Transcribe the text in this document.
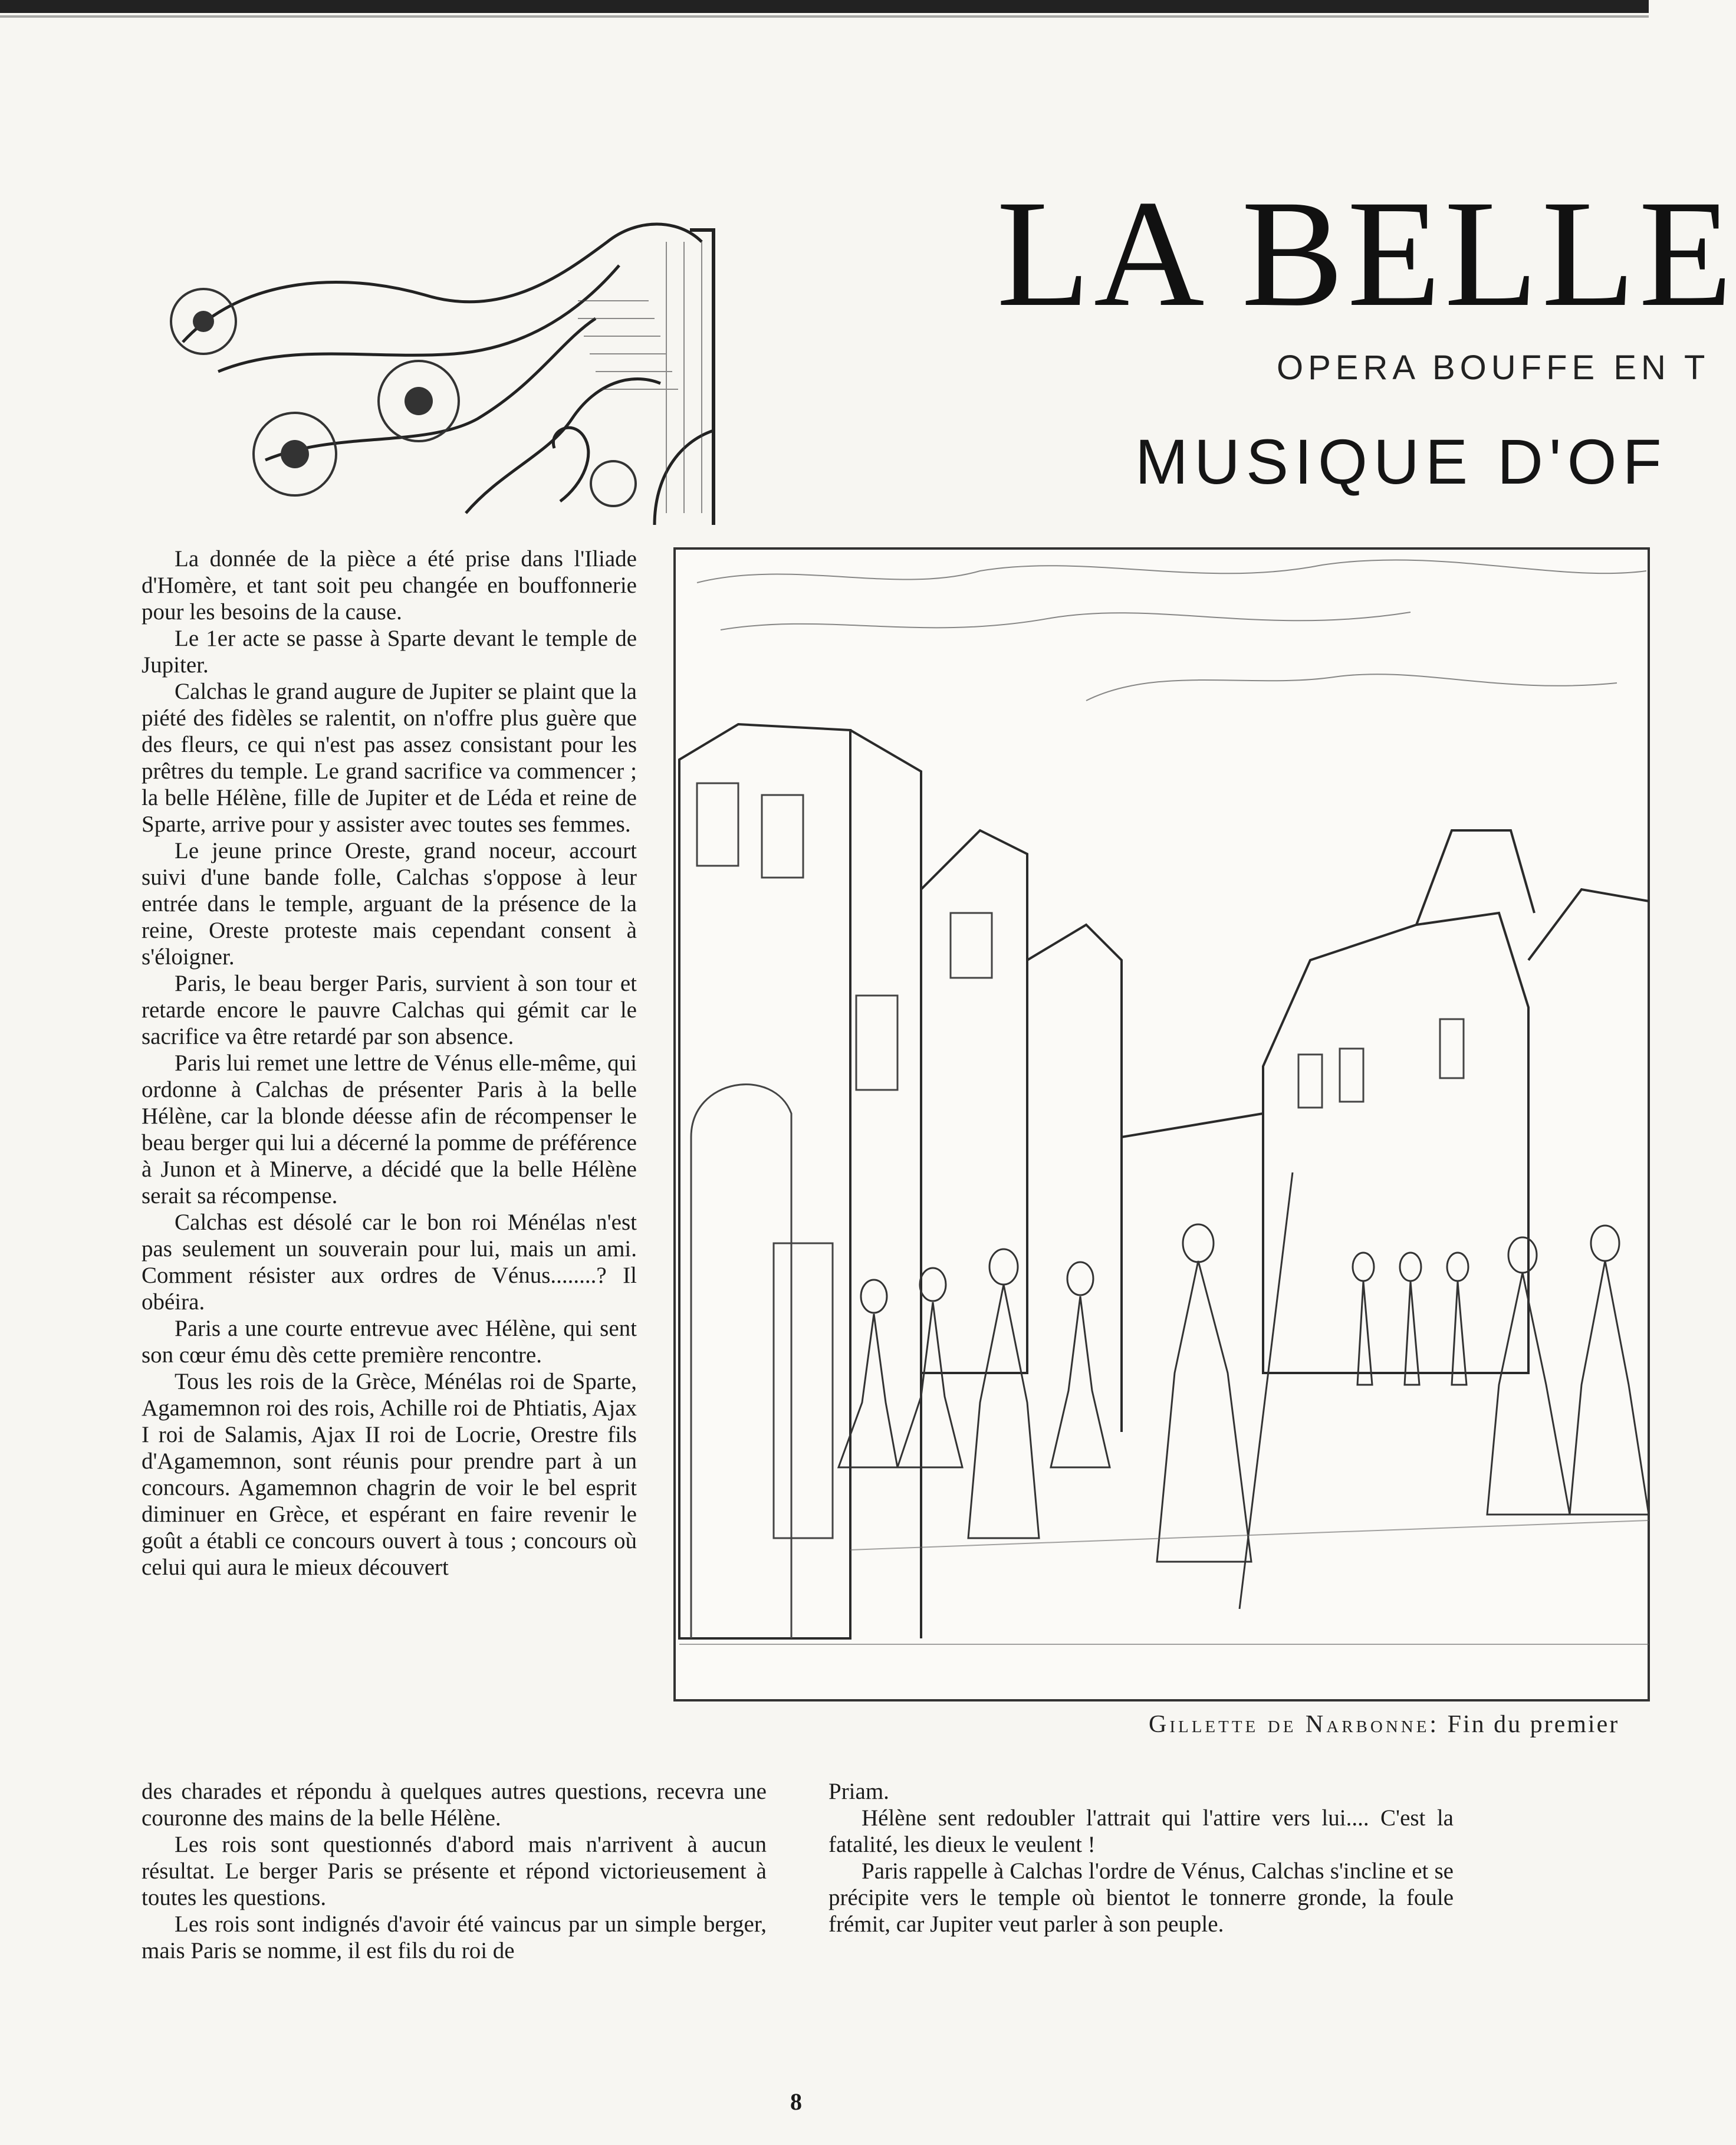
LA BELLE
OPERA BOUFFE EN T
MUSIQUE D'OF

La donnée de la pièce a été prise dans l'Iliade d'Homère, et tant soit peu changée en bouffonnerie pour les besoins de la cause.

Le 1er acte se passe à Sparte devant le temple de Jupiter.

Calchas le grand augure de Jupiter se plaint que la piété des fidèles se ralentit, on n'offre plus guère que des fleurs, ce qui n'est pas assez consistant pour les prêtres du temple. Le grand sacrifice va commencer ; la belle Hélène, fille de Jupiter et de Léda et reine de Sparte, arrive pour y assister avec toutes ses femmes.

Le jeune prince Oreste, grand noceur, accourt suivi d'une bande folle, Calchas s'oppose à leur entrée dans le temple, arguant de la présence de la reine, Oreste proteste mais cependant consent à s'éloigner.

Paris, le beau berger Paris, survient à son tour et retarde encore le pauvre Calchas qui gémit car le sacrifice va être retardé par son absence.

Paris lui remet une lettre de Vénus elle-même, qui ordonne à Calchas de présenter Paris à la belle Hélène, car la blonde déesse afin de récompenser le beau berger qui lui a décerné la pomme de préférence à Junon et à Minerve, a décidé que la belle Hélène serait sa récompense.

Calchas est désolé car le bon roi Ménélas n'est pas seulement un souverain pour lui, mais un ami. Comment résister aux ordres de Vénus........? Il obéira.

Paris a une courte entrevue avec Hélène, qui sent son cœur ému dès cette première rencontre.

Tous les rois de la Grèce, Ménélas roi de Sparte, Agamemnon roi des rois, Achille roi de Phtiatis, Ajax I roi de Salamis, Ajax II roi de Locrie, Orestre fils d'Agamemnon, sont réunis pour prendre part à un concours. Agamemnon chagrin de voir le bel esprit diminuer en Grèce, et espérant en faire revenir le goût a établi ce concours ouvert à tous ; concours où celui qui aura le mieux découvert

Gillette de Narbonne: Fin du premier

des charades et répondu à quelques autres questions, recevra une couronne des mains de la belle Hélène.

Les rois sont questionnés d'abord mais n'arrivent à aucun résultat. Le berger Paris se présente et répond victorieusement à toutes les questions.

Les rois sont indignés d'avoir été vaincus par un simple berger, mais Paris se nomme, il est fils du roi de

Priam.

Hélène sent redoubler l'attrait qui l'attire vers lui.... C'est la fatalité, les dieux le veulent !

Paris rappelle à Calchas l'ordre de Vénus, Calchas s'incline et se précipite vers le temple où bientot le tonnerre gronde, la foule frémit, car Jupiter veut parler à son peuple.

8
